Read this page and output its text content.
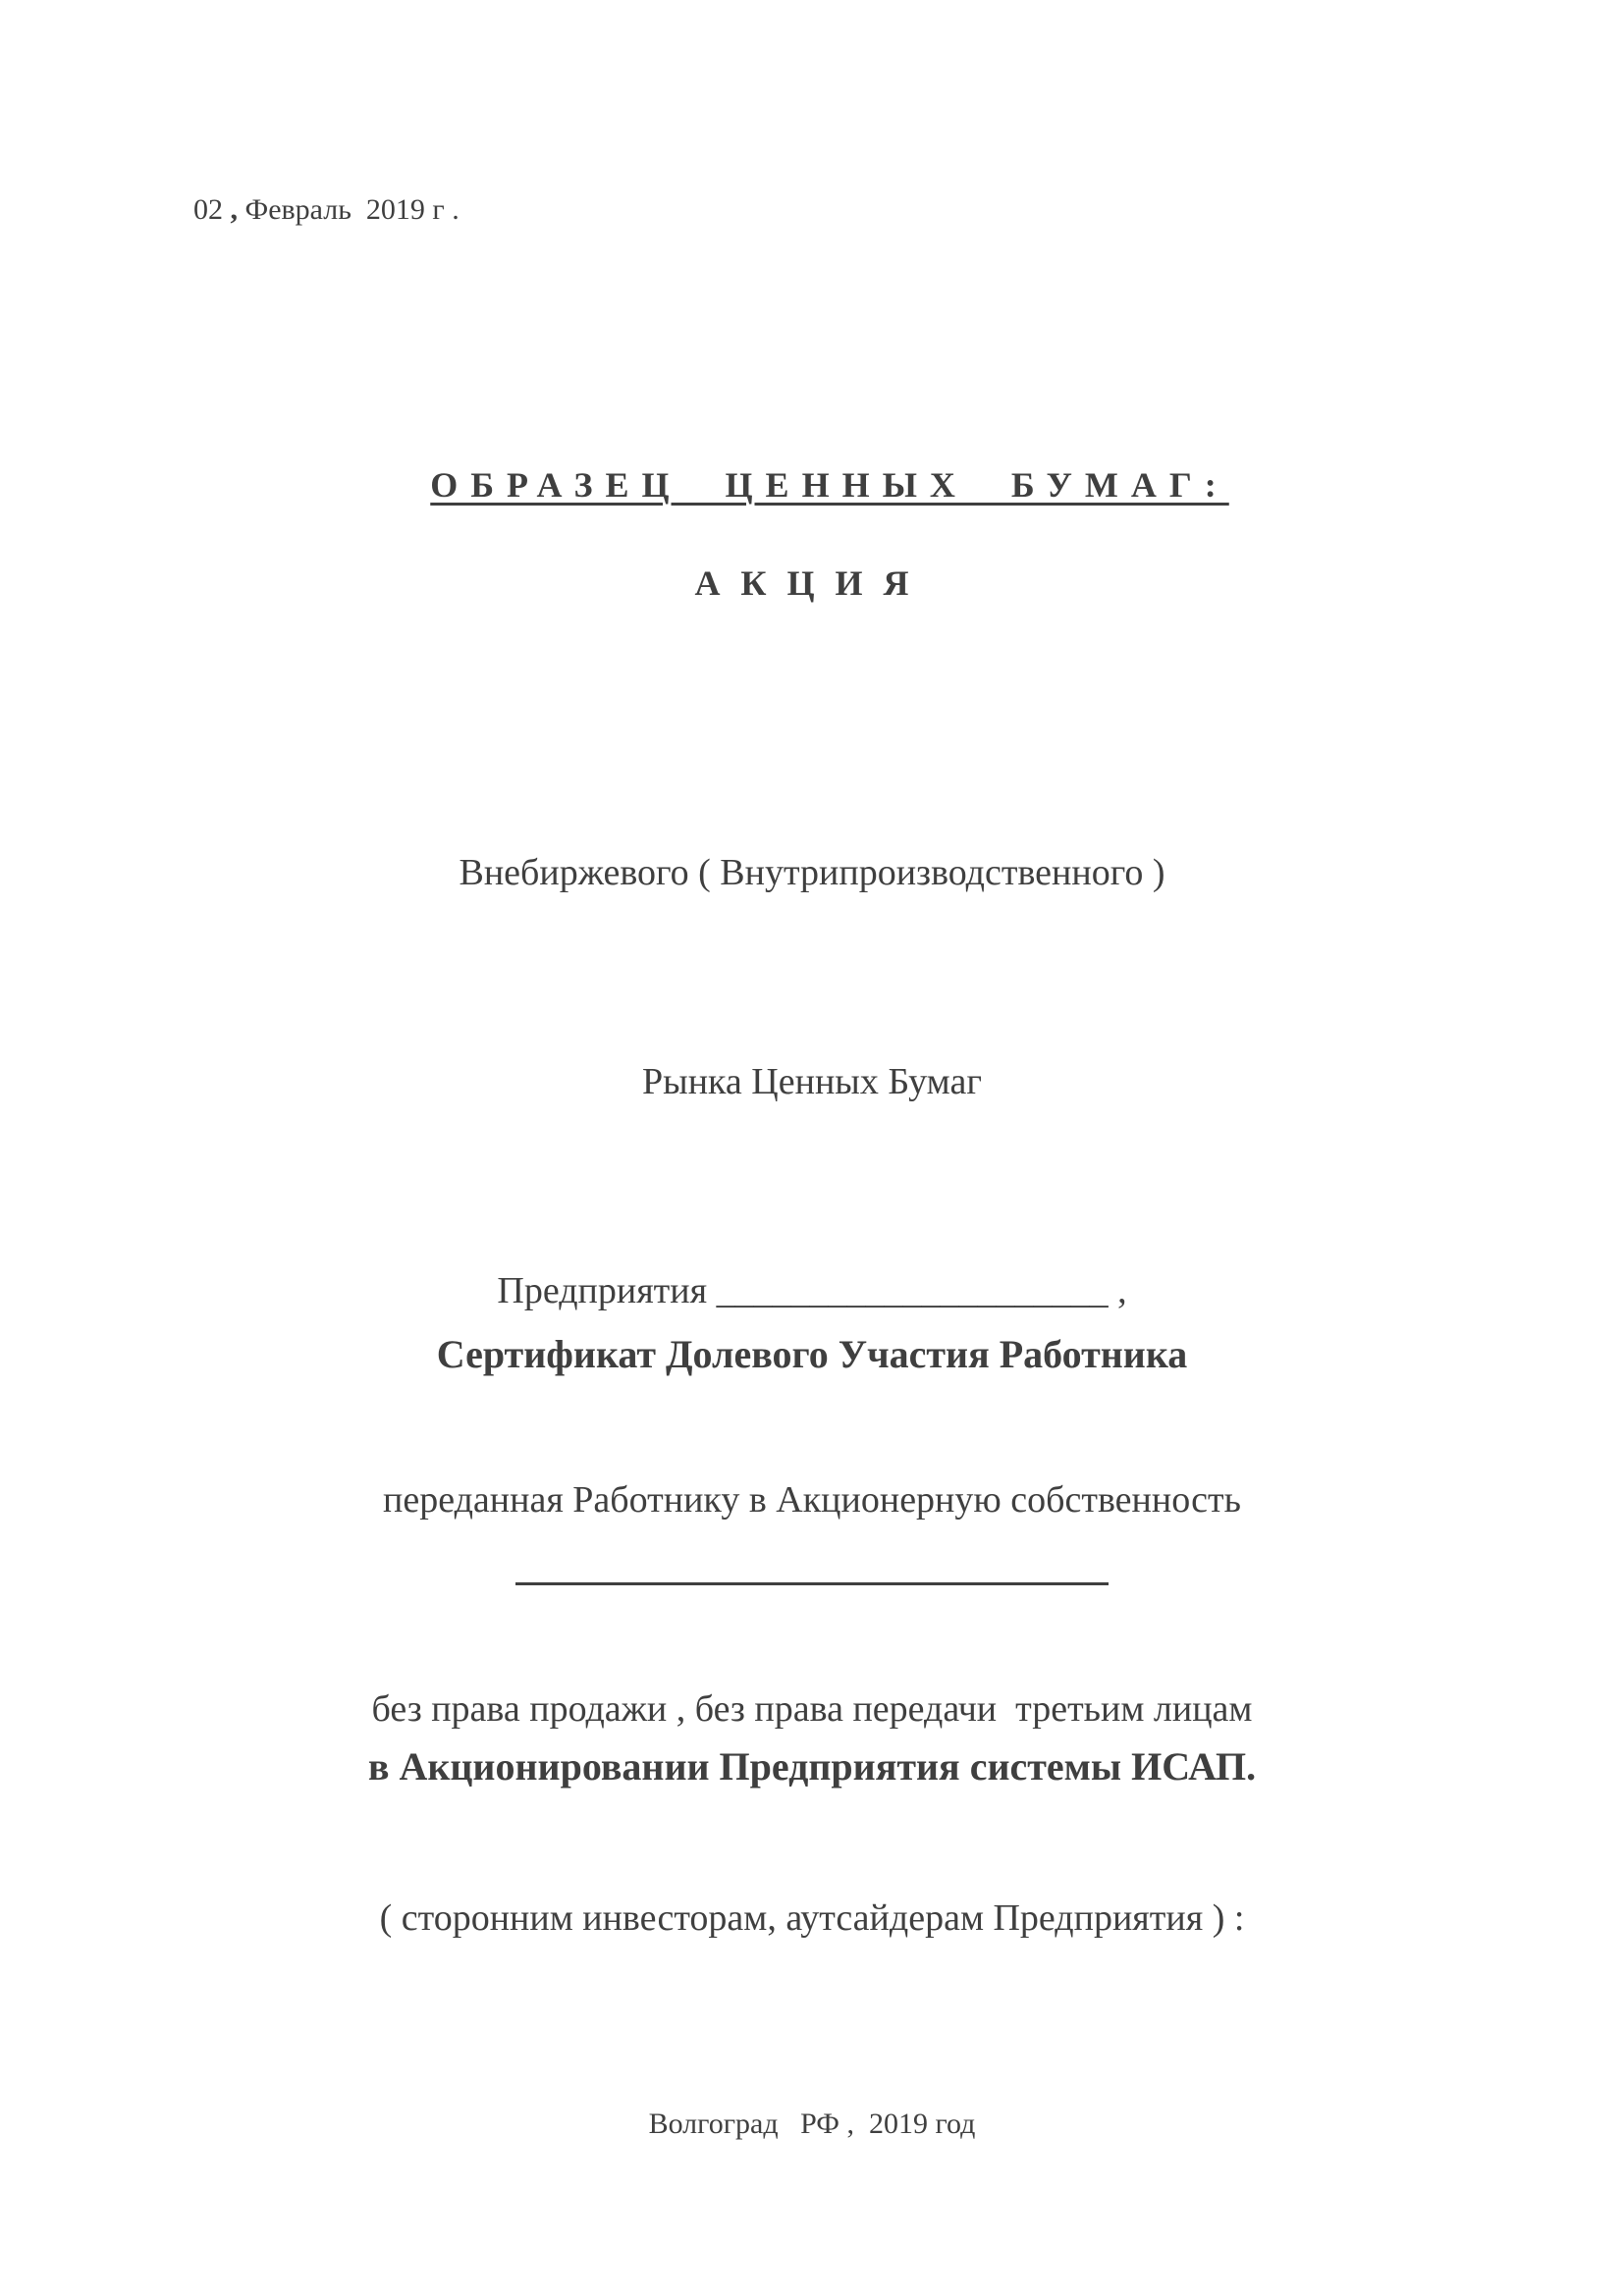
02 , Февраль  2019 г .

ОБРАЗЕЦ  ЦЕННЫХ  БУМАГ:

АКЦИЯ

Внебиржевого ( Внутрипроизводственного )

Рынка Ценных Бумаг

Предприятия _____________________ ,

переданная Работнику в Акционерную собственность

без права продажи , без права передачи  третьим лицам

( сторонним инвесторам, аутсайдерам Предприятия ) :

Сертификат Долевого Участия Работника

в Акционировании Предприятия системы ИСАП.

Волгоград   РФ ,  2019 год
